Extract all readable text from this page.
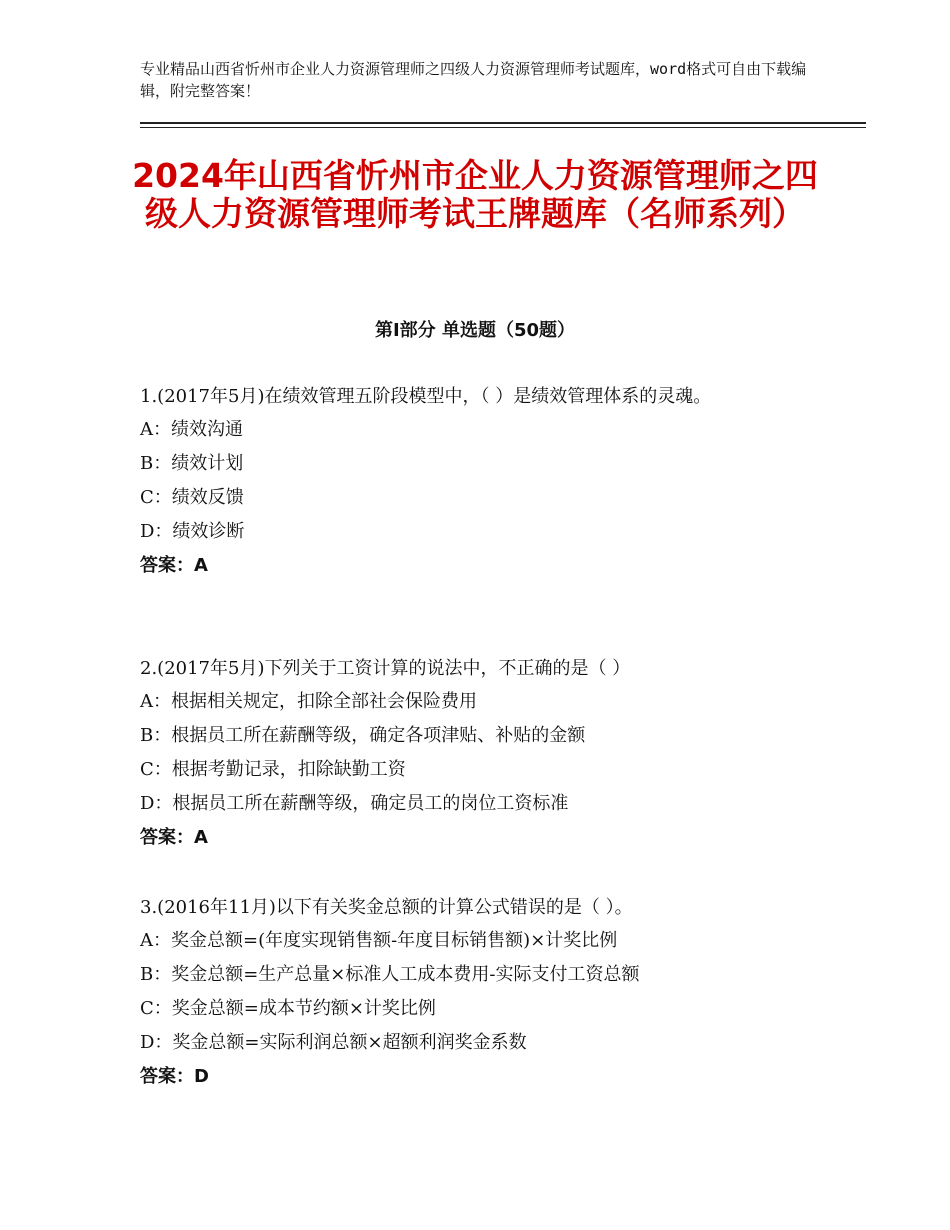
专业精品山西省忻州市企业人力资源管理师之四级人力资源管理师考试题库，word格式可自由下载编辑，附完整答案！
2024年山西省忻州市企业人力资源管理师之四级人力资源管理师考试王牌题库（名师系列）
第Ⅰ部分 单选题（50题）
1.(2017年5月)在绩效管理五阶段模型中，（ ）是绩效管理体系的灵魂。
A：绩效沟通
B：绩效计划
C：绩效反馈
D：绩效诊断
答案：A
2.(2017年5月)下列关于工资计算的说法中，不正确的是（ ）
A：根据相关规定，扣除全部社会保险费用
B：根据员工所在薪酬等级，确定各项津贴、补贴的金额
C：根据考勤记录，扣除缺勤工资
D：根据员工所在薪酬等级，确定员工的岗位工资标准
答案：A
3.(2016年11月)以下有关奖金总额的计算公式错误的是（ ）。
A：奖金总额=(年度实现销售额-年度目标销售额)×计奖比例
B：奖金总额=生产总量×标准人工成本费用-实际支付工资总额
C：奖金总额=成本节约额×计奖比例
D：奖金总额=实际利润总额×超额利润奖金系数
答案：D
